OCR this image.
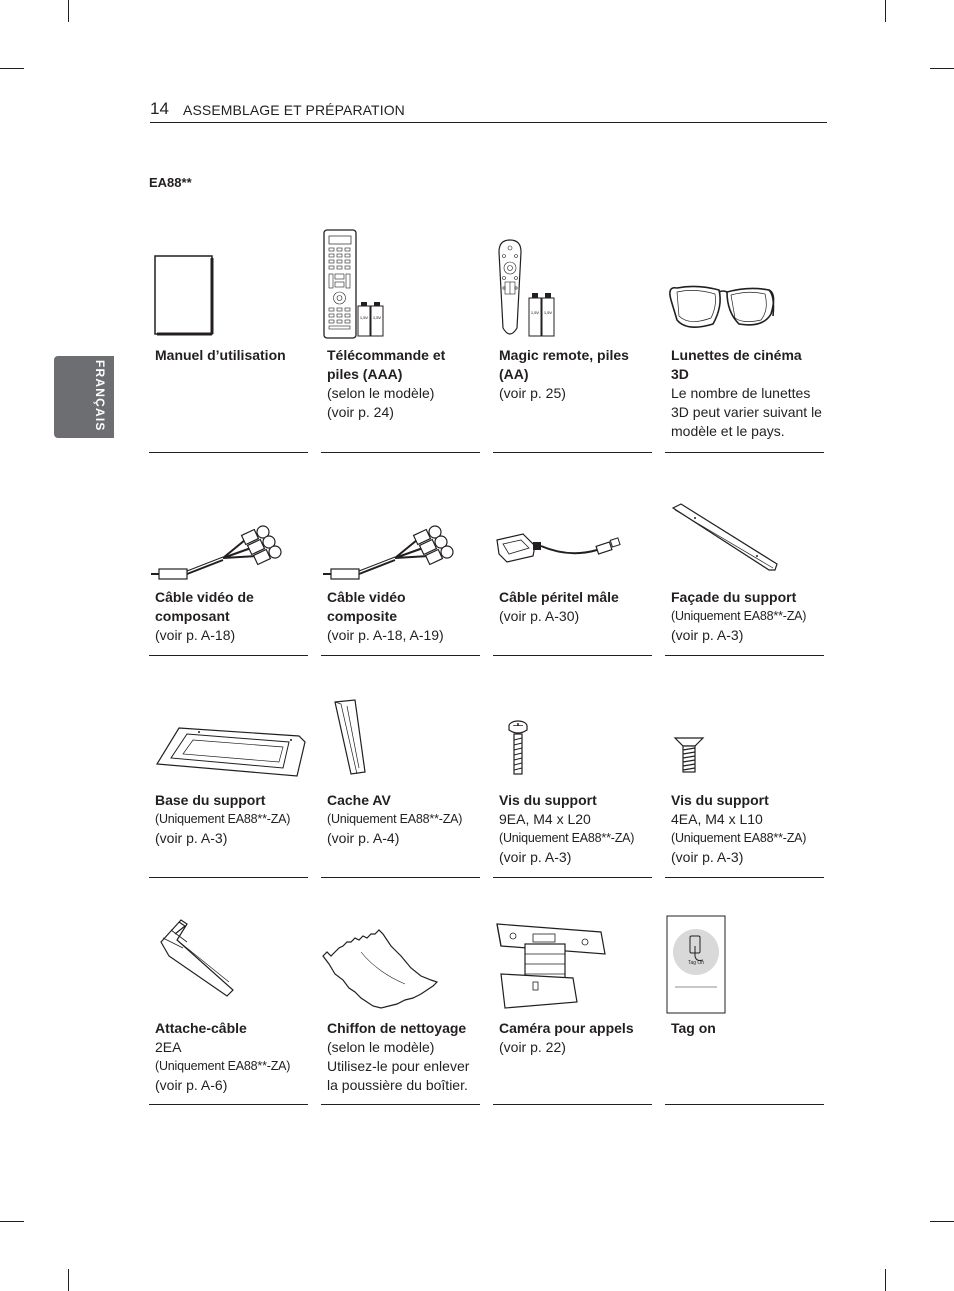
14 ASSEMBLAGE ET PRÉPARATION
FRANÇAIS
EA88**
Manuel d’utilisation
1,5V 1,5V
Télécommande et piles (AAA)
(selon le modèle)
(voir p. 24)
1,5V 1,5V
Magic remote, piles (AA)
(voir p. 25)
Lunettes de cinéma 3D
Le nombre de lunettes 3D peut varier suivant le modèle et le pays.
Câble vidéo de composant
(voir p. A-18)
Câble vidéo composite
(voir p. A-18, A-19)
Câble péritel mâle
(voir p. A-30)
Façade du support
(Uniquement EA88**-ZA)
(voir p. A-3)
Base du support
(Uniquement EA88**-ZA)
(voir p. A-3)
Cache AV
(Uniquement EA88**-ZA)
(voir p. A-4)
Vis du support
9EA, M4 x L20
(Uniquement EA88**-ZA)
(voir p. A-3)
Vis du support
4EA, M4 x L10
(Uniquement EA88**-ZA)
(voir p. A-3)
Attache-câble
2EA
(Uniquement EA88**-ZA)
(voir p. A-6)
Chiffon de nettoyage
(selon le modèle) Utilisez-le pour enlever la poussière du boîtier.
Caméra pour appels
(voir p. 22)
Tag On
Tag on
